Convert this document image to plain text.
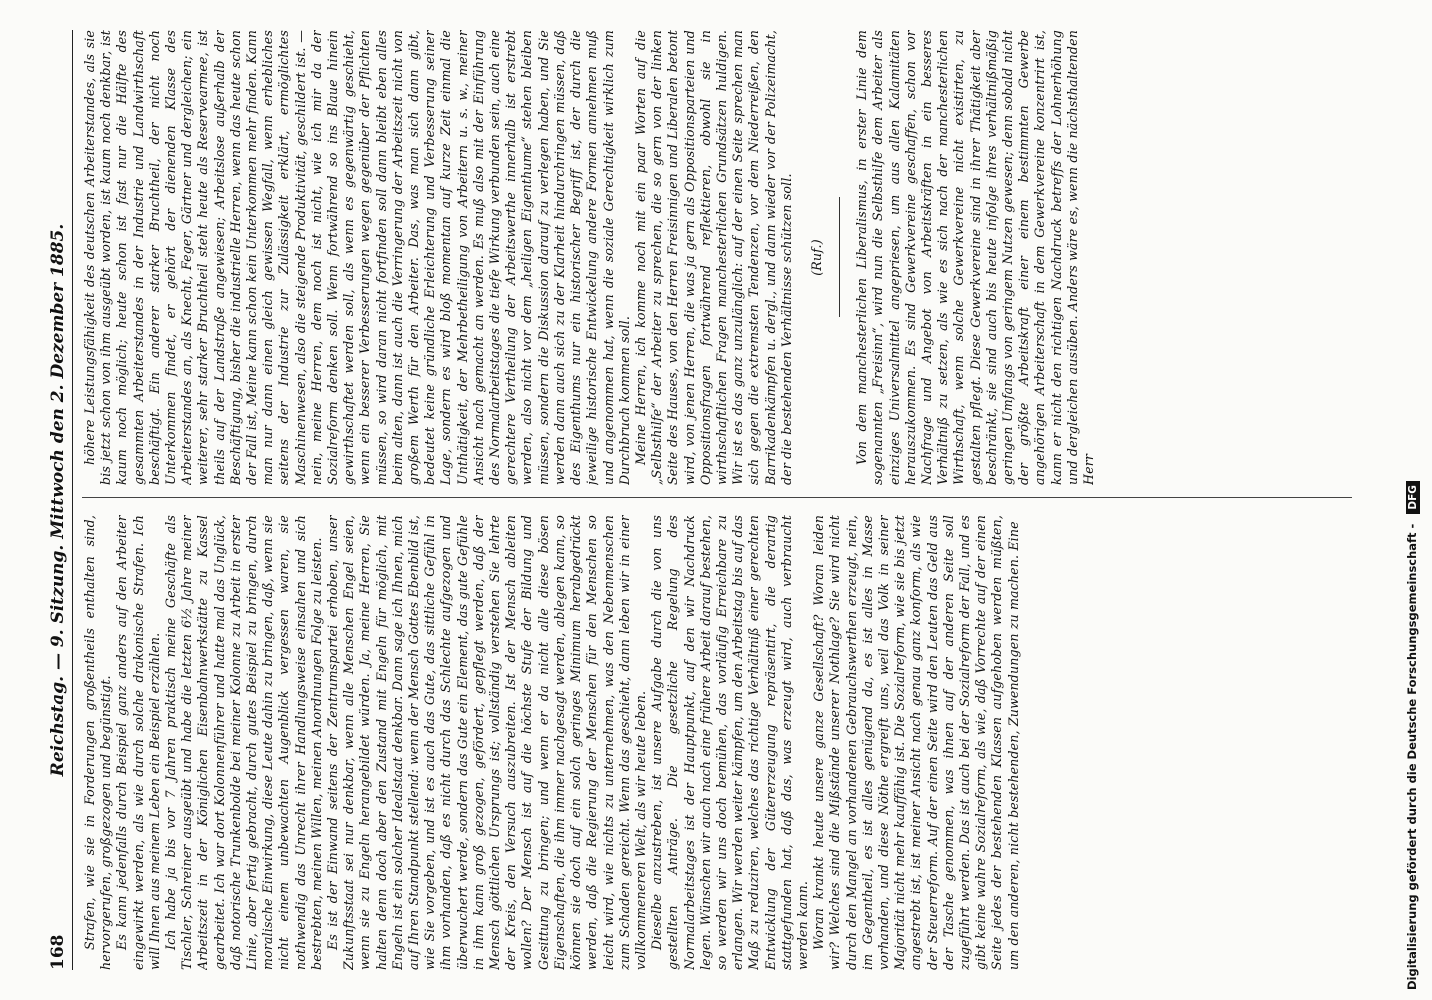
168
Reichstag. — 9. Sitzung. Mittwoch den 2. Dezember 1885. Strafen, wie sie in Forderungen großentheils enthalten sind, hervorgerufen, großgezogen und begünstigt. Es kann jedenfalls durch Beispiel ganz anders auf den Arbeiter eingewirkt werden, als wie durch solche drakonische Strafen. Ich will Ihnen aus meinem Leben ein Beispiel erzählen. Ich habe ja bis vor 7 Jahren praktisch meine Geschäfte als Tischler, Schreiner ausgeübt und habe die letzten 6½ Jahre meiner Arbeitszeit in der Königlichen Eisenbahnwerkstätte zu Kassel gearbeitet. Ich war dort Kolonnenführer und hatte mal das Unglück, daß notorische Trunkenbolde bei meiner Kolonne zu Arbeit in erster Linie, aber fertig gebracht, durch gutes Beispiel zu bringen, durch moralische Einwirkung, diese Leute dahin zu bringen, daß, wenn sie nicht einem unbewachten Augenblick vergessen waren, sie nothwendig das Unrecht ihrer Handlungsweise einsahen und sich bestrebten, meinen Willen, meinen Anordnungen Folge zu leisten. Es ist der Einwand seitens der Zentrumspartei erhoben, unser Zukunftsstaat sei nur denkbar, wenn alle Menschen Engel seien, wenn sie zu Engeln herangebildet würden. Ja, meine Herren, Sie halten denn doch aber den Zustand mit Engeln für möglich, mit Engeln ist ein solcher Idealstaat denkbar. Dann sage ich Ihnen, mich auf Ihren Standpunkt stellend: wenn der Mensch Gottes Ebenbild ist, wie Sie vorgeben, und ist es auch das Gute, das sittliche Gefühl in ihm vorhanden, daß es nicht durch das Schlechte aufgezogen und überwuchert werde, sondern das Gute ein Element, das gute Gefühle in ihm kann groß gezogen, gefördert, gepflegt werden, daß der Mensch göttlichen Ursprungs ist; vollständig verstehen Sie lehrte der Kreis, den Versuch auszubreiten. Ist der Mensch ableiten wollen? Der Mensch ist auf die höchste Stufe der Bildung und Gesittung zu bringen; und wenn er da nicht alle diese bösen Eigenschaften, die ihm immer nachgesagt werden, ablegen kann, so können sie doch auf ein solch geringes Minimum herabgedrückt werden, daß die Regierung der Menschen für den Menschen so leicht wird, wie nichts zu unternehmen, was den Nebenmenschen zum Schaden gereicht. Wenn das geschieht, dann leben wir in einer vollkommeneren Welt, als wir heute leben. Dieselbe anzustreben, ist unsere Aufgabe durch die von uns gestellten Anträge. Die gesetzliche Regelung des Normalarbeitstages ist der Hauptpunkt, auf den wir Nachdruck legen. Wünschen wir auch nach eine frühere Arbeit darauf bestehen, so werden wir uns doch bemühen, das vorläufig Erreichbare zu erlangen. Wir werden weiter kämpfen, um den Arbeitstag bis auf das Maß zu reduziren, welches das richtige Verhältniß einer gerechten Entwicklung der Gütererzeugung repräsentirt, die derartig stattgefunden hat, daß das, was erzeugt wird, auch verbraucht werden kann. Woran krankt heute unsere ganze Gesellschaft? Woran leiden wir? Welches sind die Mißstände unserer Nothlage? Sie wird nicht durch den Mangel an vorhandenen Gebrauchswerthen erzeugt, nein, im Gegentheil, es ist alles genügend da, es ist alles in Masse vorhanden, und diese Nöthe ergreift uns, weil das Volk in seiner Majorität nicht mehr kauffähig ist. Die Sozialreform, wie sie bis jetzt angestrebt ist, ist meiner Ansicht nach genau ganz konform, als wie der Steuerreform. Auf der einen Seite wird den Leuten das Geld aus der Tasche genommen, was ihnen auf der anderen Seite soll zugeführt werden. Das ist auch bei der Sozialreform der Fall, und es gibt keine wahre Sozialreform, als wie, daß Vorrechte auf der einen Seite jedes der bestehenden Klassen aufgehoben werden müßten, um den anderen, nicht bestehenden, Zuwendungen zu machen. Eine

höhere Leistungsfähigkeit des deutschen Arbeiterstandes, als sie bis jetzt schon von ihm ausgeübt worden, ist kaum noch denkbar, ist kaum noch möglich; heute schon ist fast nur die Hälfte des gesammten Arbeiterstandes in der Industrie und Landwirthschaft beschäftigt. Ein anderer starker Bruchtheil, der nicht noch Unterkommen findet, er gehört der dienenden Klasse des Arbeiterstandes an, als Knecht, Feger, Gärtner und dergleichen; ein weiterer, sehr starker Bruchtheil steht heute als Reservearmee, ist theils auf der Landstraße angewiesen; Arbeitslose außerhalb der Beschäftigung, bisher die industrielle Herren, wenn das heute schon der Fall ist, Meine kann schon kein Unterkommen mehr finden. Kann man nur dann einen gleich gewissen Wegfall, wenn erhebliches seitens der Industrie zur Zulässigkeit erklärt, ermöglichtes Maschinenwesen, also die steigende Produktivität, geschildert ist. — nein, meine Herren, dem noch ist nicht, wie ich mir da der Sozialreform denken soll. Wenn fortwährend so ins Blaue hinein gewirthschaftet werden soll, als wenn es gegenwärtig geschieht, wenn ein besserer Verbesserungen wegen gegenüber der Pflichten müssen, so wird daran nicht fortfinden soll dann bleibt eben alles beim alten, dann ist auch die Verringerung der Arbeitszeit nicht von großem Werth für den Arbeiter. Das, was man sich dann gibt, bedeutet keine gründliche Erleichterung und Verbesserung seiner Lage, sondern es wird bloß momentan auf kurze Zeit einmal die Unthätigkeit, der Mehrbetheiligung von Arbeitern u. s. w., meiner Ansicht nach gemacht an werden. Es muß also mit der Einführung des Normalarbeitstages die tiefe Wirkung verbunden sein, auch eine gerechtere Vertheilung der Arbeitswerthe innerhalb ist erstrebt werden, also nicht vor dem „heiligen Eigenthume“ stehen bleiben müssen, sondern die Diskussion darauf zu verlegen haben, und Sie werden dann auch sich zu der Klarheit hindurchringen müssen, daß des Eigenthums nur ein historischer Begriff ist, der durch die jeweilige historische Entwickelung andere Formen annehmen muß und angenommen hat, wenn die soziale Gerechtigkeit wirklich zum Durchbruch kommen soll. Meine Herren, ich komme noch mit ein paar Worten auf die „Selbsthilfe“ der Arbeiter zu sprechen, die so gern von der linken Seite des Hauses, von den Herren Freisinnigen und Liberalen betont wird, von jenen Herren, die was ja gern als Oppositionsparteien und Oppositionsfragen fortwährend reflektieren, obwohl sie in wirthschaftlichen Fragen manchesterlichen Grundsätzen huldigen. Wir ist es das ganz unzulänglich: auf der einen Seite sprechen man sich gegen die extremsten Tendenzen, vor dem Niederreißen, den Barrikadenkämpfen u. dergl., und dann wieder vor der Polizeimacht, der die bestehenden Verhältnisse schützen soll. (Ruf.) Von dem manchesterlichen Liberalismus, in erster Linie dem sogenannten „Freisinn“, wird nun die Selbsthilfe dem Arbeiter als einziges Universalmittel angepriesen, um aus allen Kalamitäten herauszukommen. Es sind Gewerkvereine geschaffen, schon vor Nachfrage und Angebot von Arbeitskräften in ein besseres Verhältniß zu setzen, als wie es sich nach der manchesterlichen Wirthschaft, wenn solche Gewerkvereine nicht existirten, zu gestalten pflegt. Diese Gewerkvereine sind in ihrer Thätigkeit aber beschränkt, sie sind auch bis heute infolge ihres verhältnißmäßig geringen Umfangs von geringem Nutzen gewesen; denn sobald nicht der größte Arbeitskraft einer einem bestimmten Gewerbe angehörigen Arbeiterschaft in dem Gewerkvereine konzentrirt ist, kann er nicht den richtigen Nachdruck betreffs der Lohnerhöhung und dergleichen ausüben. Anders wäre es, wenn die nächsthaltenden Herr

Digitalisierung gefördert durch die Deutsche Forschungsgemeinschaft - DFG
